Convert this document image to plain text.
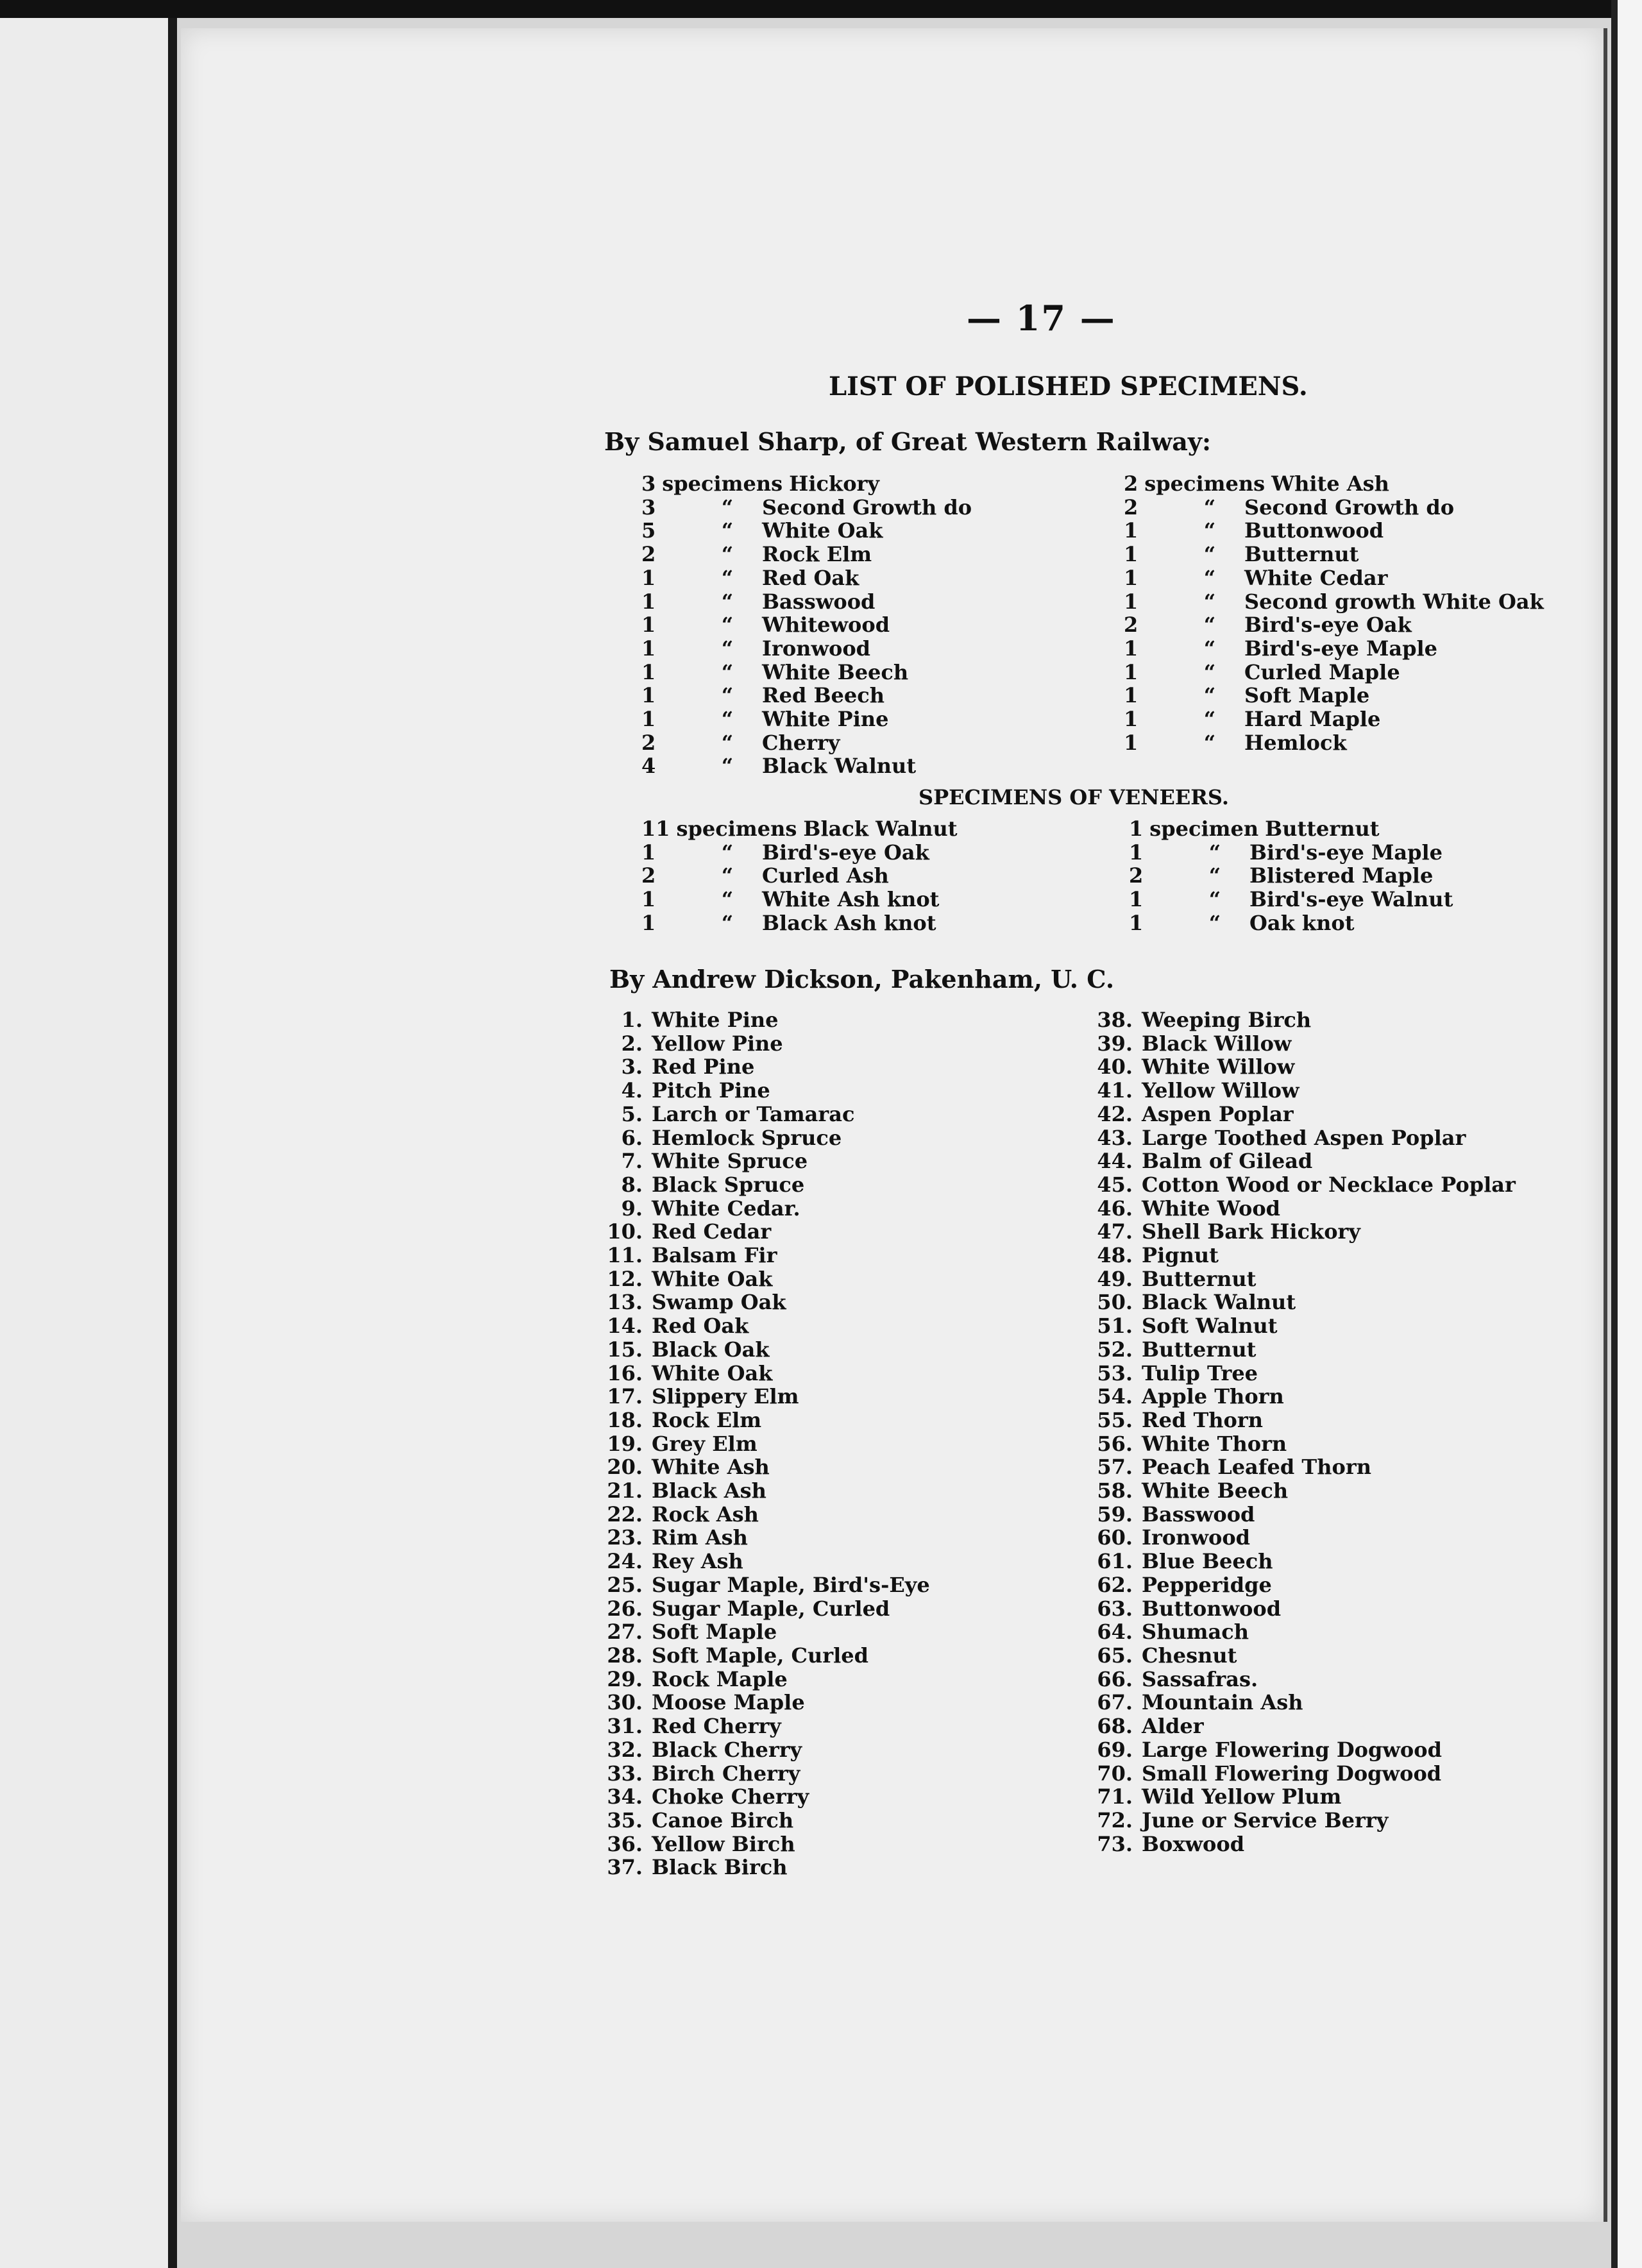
— 17 —
LIST OF POLISHED SPECIMENS.
By Samuel Sharp, of Great Western Railway:
3 specimens Hickory
3	“	Second Growth do
5	“	White Oak
2	“	Rock Elm
1	“	Red Oak
1	“	Basswood
1	“	Whitewood
1	“	Ironwood
1	“	White Beech
1	“	Red Beech
1	“	White Pine
2	“	Cherry
4	“	Black Walnut
2 specimens White Ash
2	“	Second Growth do
1	“	Buttonwood
1	“	Butternut
1	“	White Cedar
1	“	Second growth White Oak
2	“	Bird's-eye Oak
1	“	Bird's-eye Maple
1	“	Curled Maple
1	“	Soft Maple
1	“	Hard Maple
1	“	Hemlock
SPECIMENS OF VENEERS.
11 specimens Black Walnut
1	“	Bird's-eye Oak
2	“	Curled Ash
1	“	White Ash knot
1	“	Black Ash knot
1 specimen Butternut
1	“	Bird's-eye Maple
2	“	Blistered Maple
1	“	Bird's-eye Walnut
1	“	Oak knot
By Andrew Dickson, Pakenham, U. C.
1. White Pine
2. Yellow Pine
3. Red Pine
4. Pitch Pine
5. Larch or Tamarac
6. Hemlock Spruce
7. White Spruce
8. Black Spruce
9. White Cedar.
10. Red Cedar
11. Balsam Fir
12. White Oak
13. Swamp Oak
14. Red Oak
15. Black Oak
16. White Oak
17. Slippery Elm
18. Rock Elm
19. Grey Elm
20. White Ash
21. Black Ash
22. Rock Ash
23. Rim Ash
24. Rey Ash
25. Sugar Maple, Bird's-Eye
26. Sugar Maple, Curled
27. Soft Maple
28. Soft Maple, Curled
29. Rock Maple
30. Moose Maple
31. Red Cherry
32. Black Cherry
33. Birch Cherry
34. Choke Cherry
35. Canoe Birch
36. Yellow Birch
37. Black Birch
38. Weeping Birch
39. Black Willow
40. White Willow
41. Yellow Willow
42. Aspen Poplar
43. Large Toothed Aspen Poplar
44. Balm of Gilead
45. Cotton Wood or Necklace Poplar
46. White Wood
47. Shell Bark Hickory
48. Pignut
49. Butternut
50. Black Walnut
51. Soft Walnut
52. Butternut
53. Tulip Tree
54. Apple Thorn
55. Red Thorn
56. White Thorn
57. Peach Leafed Thorn
58. White Beech
59. Basswood
60. Ironwood
61. Blue Beech
62. Pepperidge
63. Buttonwood
64. Shumach
65. Chesnut
66. Sassafras.
67. Mountain Ash
68. Alder
69. Large Flowering Dogwood
70. Small Flowering Dogwood
71. Wild Yellow Plum
72. June or Service Berry
73. Boxwood
